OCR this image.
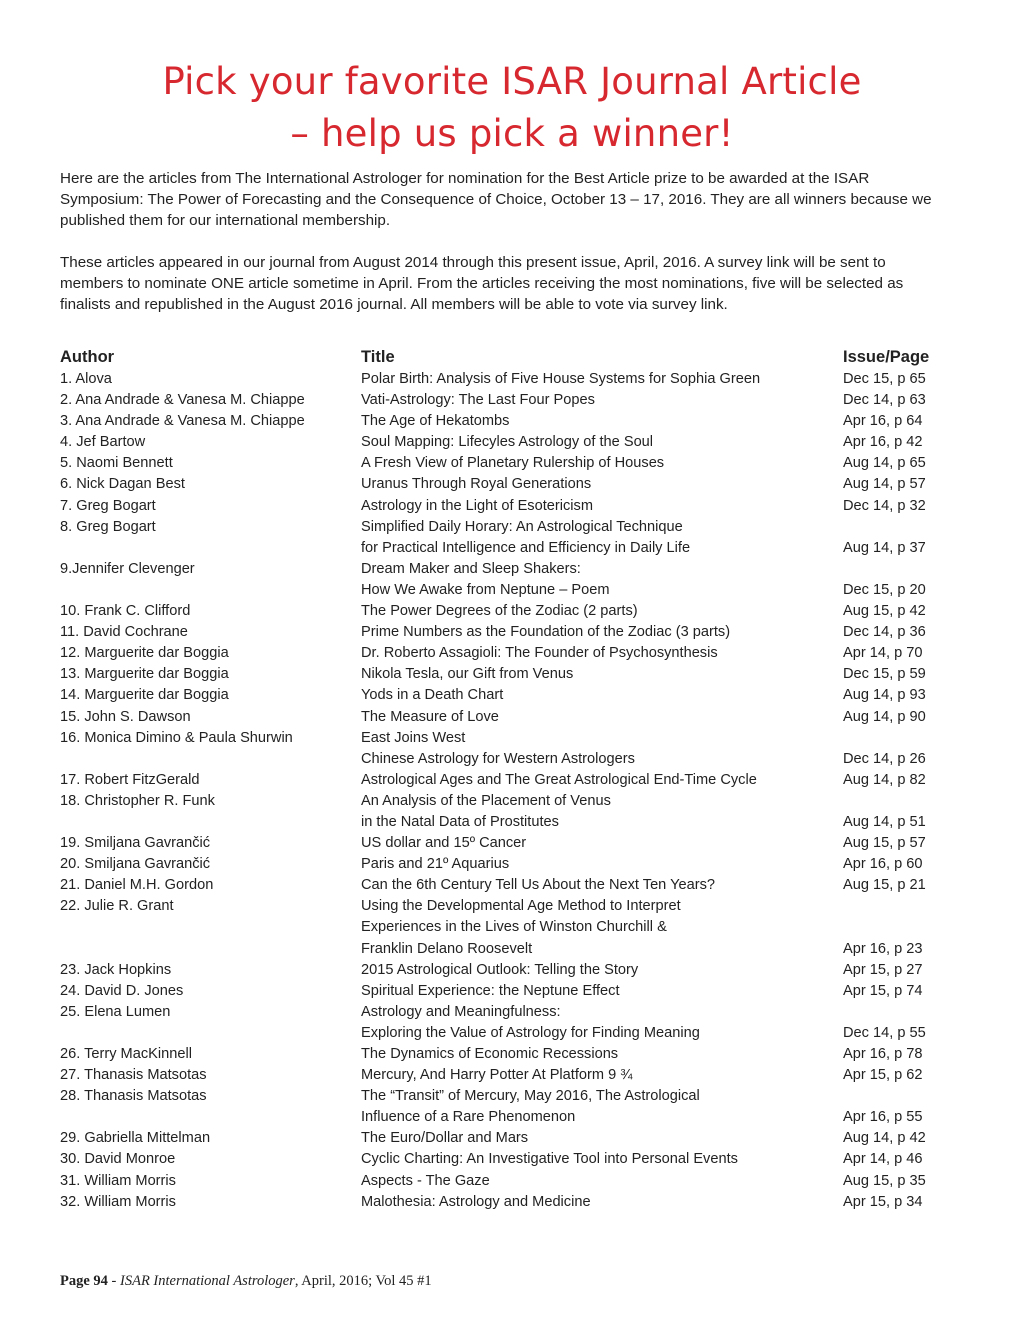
Pick your favorite ISAR Journal Article
– help us pick a winner!

Here are the articles from The International Astrologer for nomination for the Best Article prize to be awarded at the ISAR Symposium: The Power of Forecasting and the Consequence of Choice, October 13 – 17, 2016. They are all winners because we published them for our international membership.

These articles appeared in our journal from August 2014 through this present issue, April, 2016. A survey link will be sent to members to nominate ONE article sometime in April. From the articles receiving the most nominations, five will be selected as finalists and republished in the August 2016 journal. All members will be able to vote via survey link.

Author	Title	Issue/Page
1. Alova	Polar Birth: Analysis of Five House Systems for Sophia Green	Dec 15, p 65
2. Ana Andrade & Vanesa M. Chiappe	Vati-Astrology: The Last Four Popes	Dec 14, p 63
3. Ana Andrade & Vanesa M. Chiappe	The Age of Hekatombs	Apr 16, p 64
4. Jef Bartow	Soul Mapping: Lifecyles Astrology of the Soul	Apr 16, p 42
5. Naomi Bennett	A Fresh View of Planetary Rulership of Houses	Aug 14, p 65
6. Nick Dagan Best	Uranus Through Royal Generations	Aug 14, p 57
7. Greg Bogart	Astrology in the Light of Esotericism	Dec 14, p 32
8. Greg Bogart	Simplified Daily Horary: An Astrological Technique
for Practical Intelligence and Efficiency in Daily Life	Aug 14, p 37
9.Jennifer Clevenger	Dream Maker and Sleep Shakers:
How We Awake from Neptune – Poem	Dec 15, p 20
10. Frank C. Clifford	The Power Degrees of the Zodiac (2 parts)	Aug 15, p 42
11. David Cochrane	Prime Numbers as the Foundation of the Zodiac (3 parts)	Dec 14, p 36
12. Marguerite dar Boggia	Dr. Roberto Assagioli: The Founder of Psychosynthesis	Apr 14, p 70
13. Marguerite dar Boggia	Nikola Tesla, our Gift from Venus	Dec 15, p 59
14. Marguerite dar Boggia	Yods in a Death Chart	Aug 14, p 93
15. John S. Dawson	The Measure of Love	Aug 14, p 90
16. Monica Dimino & Paula Shurwin	East Joins West
Chinese Astrology for Western Astrologers	Dec 14, p 26
17. Robert FitzGerald	Astrological Ages and The Great Astrological End-Time Cycle	Aug 14, p 82
18. Christopher R. Funk	An Analysis of the Placement of Venus
in the Natal Data of Prostitutes	Aug 14, p 51
19. Smiljana Gavrančić	US dollar and 15º Cancer	Aug 15, p 57
20. Smiljana Gavrančić	Paris and 21º Aquarius	Apr 16, p 60
21. Daniel M.H. Gordon	Can the 6th Century Tell Us About the Next Ten Years?	Aug 15, p 21
22. Julie R. Grant	Using the Developmental Age Method to Interpret
Experiences in the Lives of Winston Churchill &
Franklin Delano Roosevelt	Apr 16, p 23
23. Jack Hopkins	2015 Astrological Outlook: Telling the Story	Apr 15, p 27
24. David D. Jones	Spiritual Experience: the Neptune Effect	Apr 15, p 74
25. Elena Lumen	Astrology and Meaningfulness:
Exploring the Value of Astrology for Finding Meaning	Dec 14, p 55
26. Terry MacKinnell	The Dynamics of Economic Recessions	Apr 16, p 78
27. Thanasis Matsotas	Mercury, And Harry Potter At Platform 9 ¾	Apr 15, p 62
28. Thanasis Matsotas	The “Transit” of Mercury, May 2016, The Astrological
Influence of a Rare Phenomenon	Apr 16, p 55
29. Gabriella Mittelman	The Euro/Dollar and Mars	Aug 14, p 42
30. David Monroe	Cyclic Charting: An Investigative Tool into Personal Events	Apr 14, p 46
31. William Morris	Aspects - The Gaze	Aug 15, p 35
32. William Morris	Malothesia: Astrology and Medicine	Apr 15, p 34
Page 94 - ISAR International Astrologer, April, 2016; Vol 45 #1
